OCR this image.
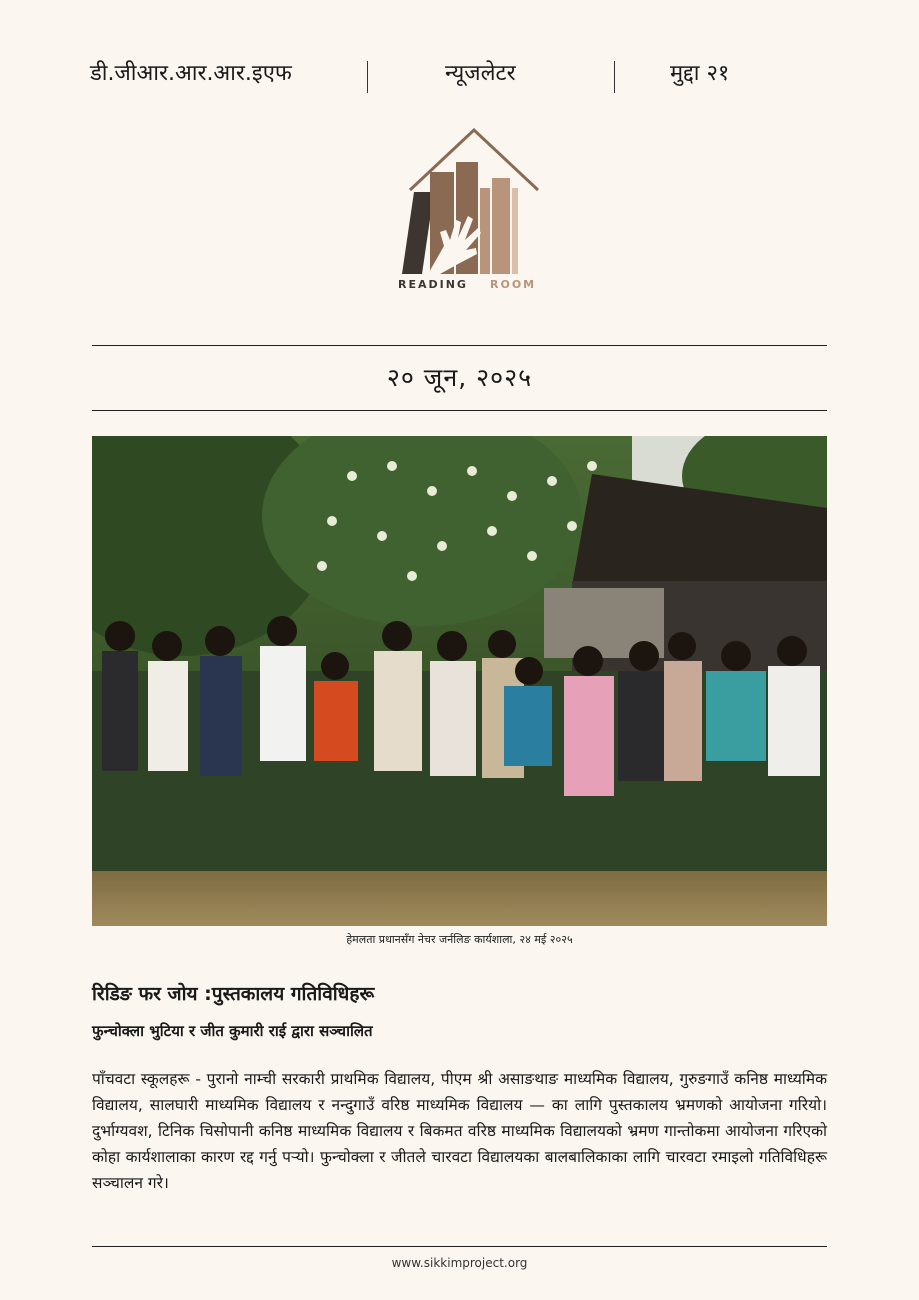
डी.जीआर.आर.आर.इएफ	न्यूजलेटर	मुद्दा २१
READING ROOM
२० जून, २०२५
हेमलता प्रधानसँग नेचर जर्नलिङ कार्यशाला, २४ मई २०२५
रिडिङ फर जोय :पुस्तकालय गतिविधिहरू
फुन्चोक्ला भुटिया र जीत कुमारी राई द्वारा सञ्चालित
पाँचवटा स्कूलहरू - पुरानो नाम्ची सरकारी प्राथमिक विद्यालय, पीएम श्री असाङथाङ माध्यमिक विद्यालय, गुरुङगाउँ कनिष्ठ माध्यमिक विद्यालय, सालघारी माध्यमिक विद्यालय र नन्दुगाउँ वरिष्ठ माध्यमिक विद्यालय — का लागि पुस्तकालय भ्रमणको आयोजना गरियो। दुर्भाग्यवश, टिनिक चिसोपानी कनिष्ठ माध्यमिक विद्यालय र बिकमत वरिष्ठ माध्यमिक विद्यालयको भ्रमण गान्तोकमा आयोजना गरिएको कोहा कार्यशालाका कारण रद्द गर्नु पर्‍यो। फुन्चोक्ला र जीतले चारवटा विद्यालयका बालबालिकाका लागि चारवटा रमाइलो गतिविधिहरू सञ्चालन गरे।
www.sikkimproject.org
